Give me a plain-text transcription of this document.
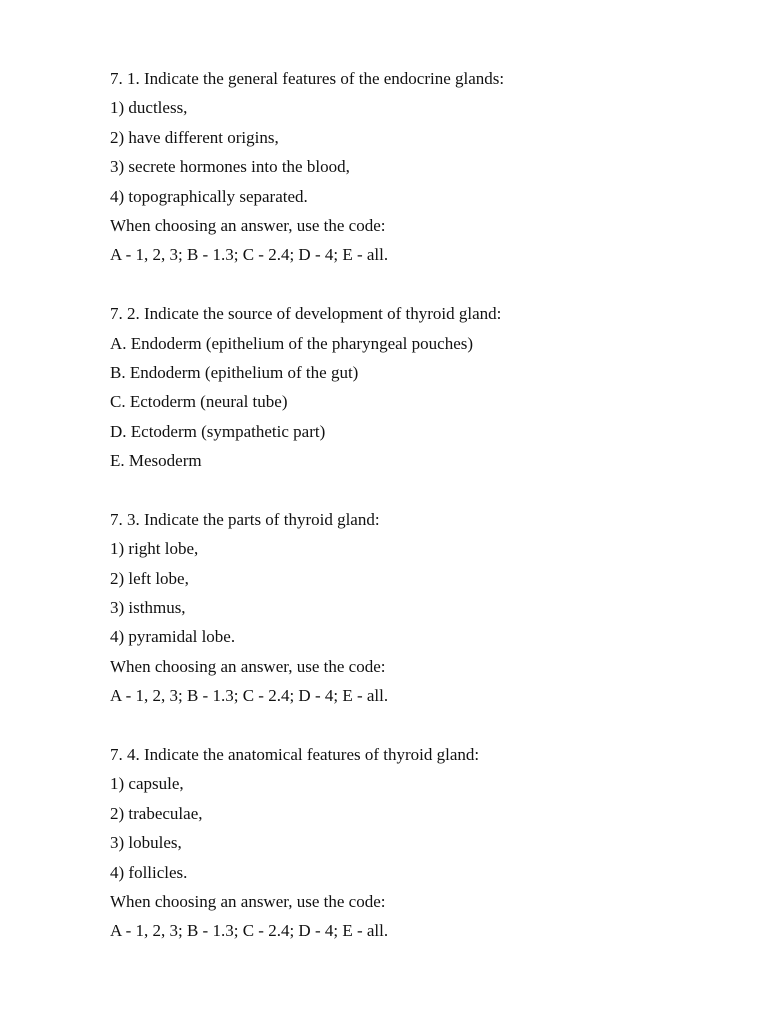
7. 1. Indicate the general features of the endocrine glands:
1) ductless,
2) have different origins,
3) secrete hormones into the blood,
4) topographically separated.
When choosing an answer, use the code:
A - 1, 2, 3; B - 1.3; C - 2.4; D - 4; E - all.
7. 2. Indicate the source of development of thyroid gland:
A. Endoderm (epithelium of the pharyngeal pouches)
B. Endoderm (epithelium of the gut)
C. Ectoderm (neural tube)
D. Ectoderm (sympathetic part)
E. Mesoderm
7. 3. Indicate the parts of thyroid gland:
1) right lobe,
2) left lobe,
3) isthmus,
4) pyramidal lobe.
When choosing an answer, use the code:
A - 1, 2, 3; B - 1.3; C - 2.4; D - 4; E - all.
7. 4. Indicate the anatomical features of thyroid gland:
1) capsule,
2) trabeculae,
3) lobules,
4) follicles.
When choosing an answer, use the code:
A - 1, 2, 3; B - 1.3; C - 2.4; D - 4; E - all.
